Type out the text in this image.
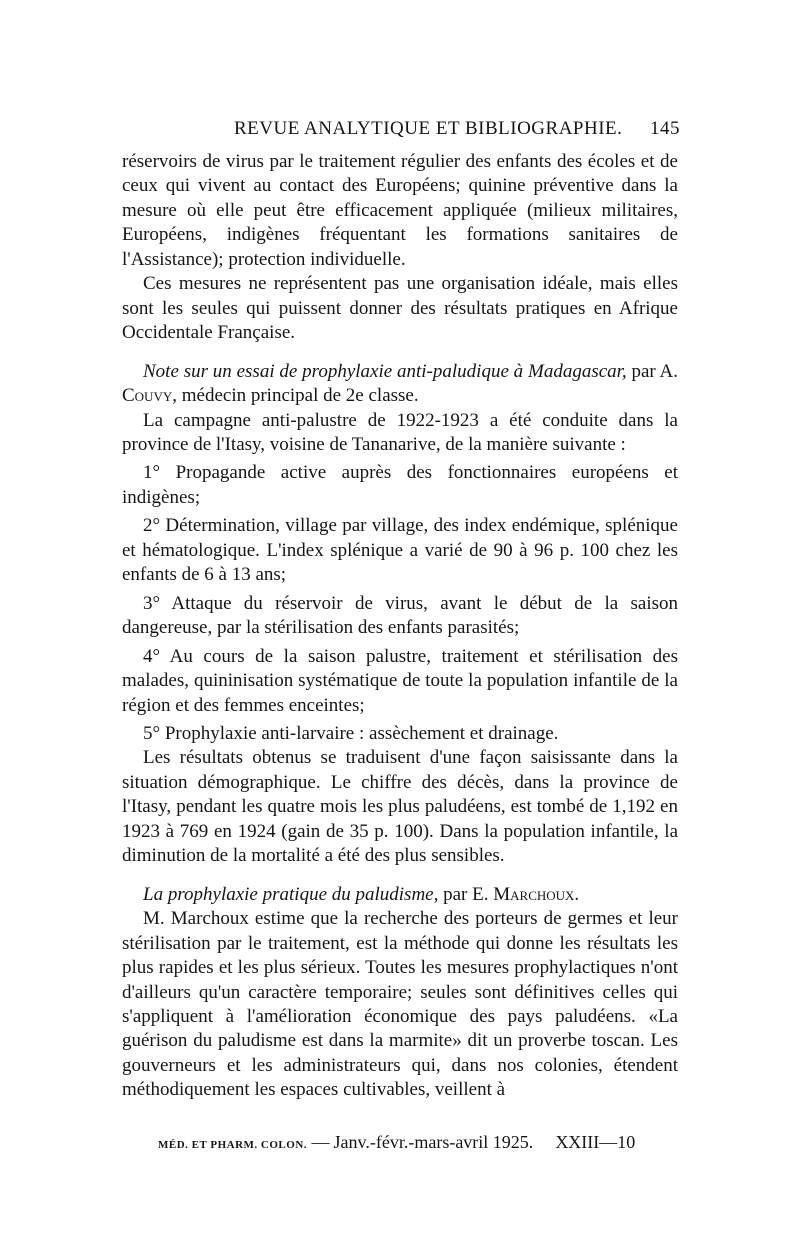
REVUE ANALYTIQUE ET BIBLIOGRAPHIE. 145

réservoirs de virus par le traitement régulier des enfants des écoles et de ceux qui vivent au contact des Européens; quinine préventive dans la mesure où elle peut être efficacement appliquée (milieux militaires, Européens, indigènes fréquentant les formations sanitaires de l'Assistance); protection individuelle.

Ces mesures ne représentent pas une organisation idéale, mais elles sont les seules qui puissent donner des résultats pratiques en Afrique Occidentale Française.

Note sur un essai de prophylaxie anti-paludique à Madagascar, par A. Couvy, médecin principal de 2e classe.

La campagne anti-palustre de 1922-1923 a été conduite dans la province de l'Itasy, voisine de Tananarive, de la manière suivante :

1° Propagande active auprès des fonctionnaires européens et indigènes;

2° Détermination, village par village, des index endémique, splénique et hématologique. L'index splénique a varié de 90 à 96 p. 100 chez les enfants de 6 à 13 ans;

3° Attaque du réservoir de virus, avant le début de la saison dangereuse, par la stérilisation des enfants parasités;

4° Au cours de la saison palustre, traitement et stérilisation des malades, quininisation systématique de toute la population infantile de la région et des femmes enceintes;

5° Prophylaxie anti-larvaire : assèchement et drainage.

Les résultats obtenus se traduisent d'une façon saisissante dans la situation démographique. Le chiffre des décès, dans la province de l'Itasy, pendant les quatre mois les plus paludéens, est tombé de 1,192 en 1923 à 769 en 1924 (gain de 35 p. 100). Dans la population infantile, la diminution de la mortalité a été des plus sensibles.

La prophylaxie pratique du paludisme, par E. Marchoux.

M. Marchoux estime que la recherche des porteurs de germes et leur stérilisation par le traitement, est la méthode qui donne les résultats les plus rapides et les plus sérieux. Toutes les mesures prophylactiques n'ont d'ailleurs qu'un caractère temporaire; seules sont définitives celles qui s'appliquent à l'amélioration économique des pays paludéens. «La guérison du paludisme est dans la marmite» dit un proverbe toscan. Les gouverneurs et les administrateurs qui, dans nos colonies, étendent méthodiquement les espaces cultivables, veillent à

MÉD. ET PHARM. COLON. — Janv.-févr.-mars-avril 1925. XXIII—10
